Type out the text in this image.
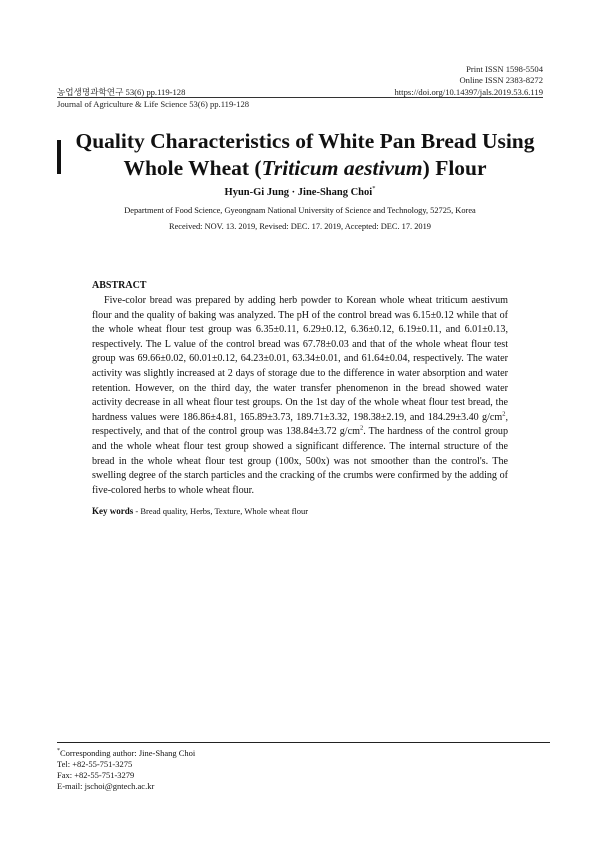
Print ISSN 1598-5504
Online ISSN 2383-8272
https://doi.org/10.14397/jals.2019.53.6.119
농업생명과학연구 53(6) pp.119-128
Journal of Agriculture & Life Science 53(6) pp.119-128
Quality Characteristics of White Pan Bread Using
Whole Wheat (Triticum aestivum) Flour
Hyun-Gi Jung · Jine-Shang Choi*
Department of Food Science, Gyeongnam National University of Science and Technology, 52725, Korea
Received: NOV. 13. 2019, Revised: DEC. 17. 2019, Accepted: DEC. 17. 2019
ABSTRACT
Five-color bread was prepared by adding herb powder to Korean whole wheat triticum aestivum flour and the quality of baking was analyzed. The pH of the control bread was 6.15±0.12 while that of the whole wheat flour test group was 6.35±0.11, 6.29±0.12, 6.36±0.12, 6.19±0.11, and 6.01±0.13, respectively. The L value of the control bread was 67.78±0.03 and that of the whole wheat flour test group was 69.66±0.02, 60.01±0.12, 64.23±0.01, 63.34±0.01, and 61.64±0.04, respectively. The water activity was slightly increased at 2 days of storage due to the difference in water absorption and water retention. However, on the third day, the water transfer phenomenon in the bread showed water activity decrease in all wheat flour test groups. On the 1st day of the whole wheat flour test bread, the hardness values were 186.86±4.81, 165.89±3.73, 189.71±3.32, 198.38±2.19, and 184.29±3.40 $g/cm^2$, respectively, and that of the control group was 138.84±3.72 $g/cm^2$. The hardness of the control group and the whole wheat flour test group showed a significant difference. The internal structure of the bread in the whole wheat flour test group (100x, 500x) was not smoother than the control's. The swelling degree of the starch particles and the cracking of the crumbs were confirmed by the adding of five-colored herbs to whole wheat flour.
Key words - Bread quality, Herbs, Texture, Whole wheat flour
*Corresponding author: Jine-Shang Choi
Tel: +82-55-751-3275
Fax: +82-55-751-3279
E-mail: jschoi@gntech.ac.kr
